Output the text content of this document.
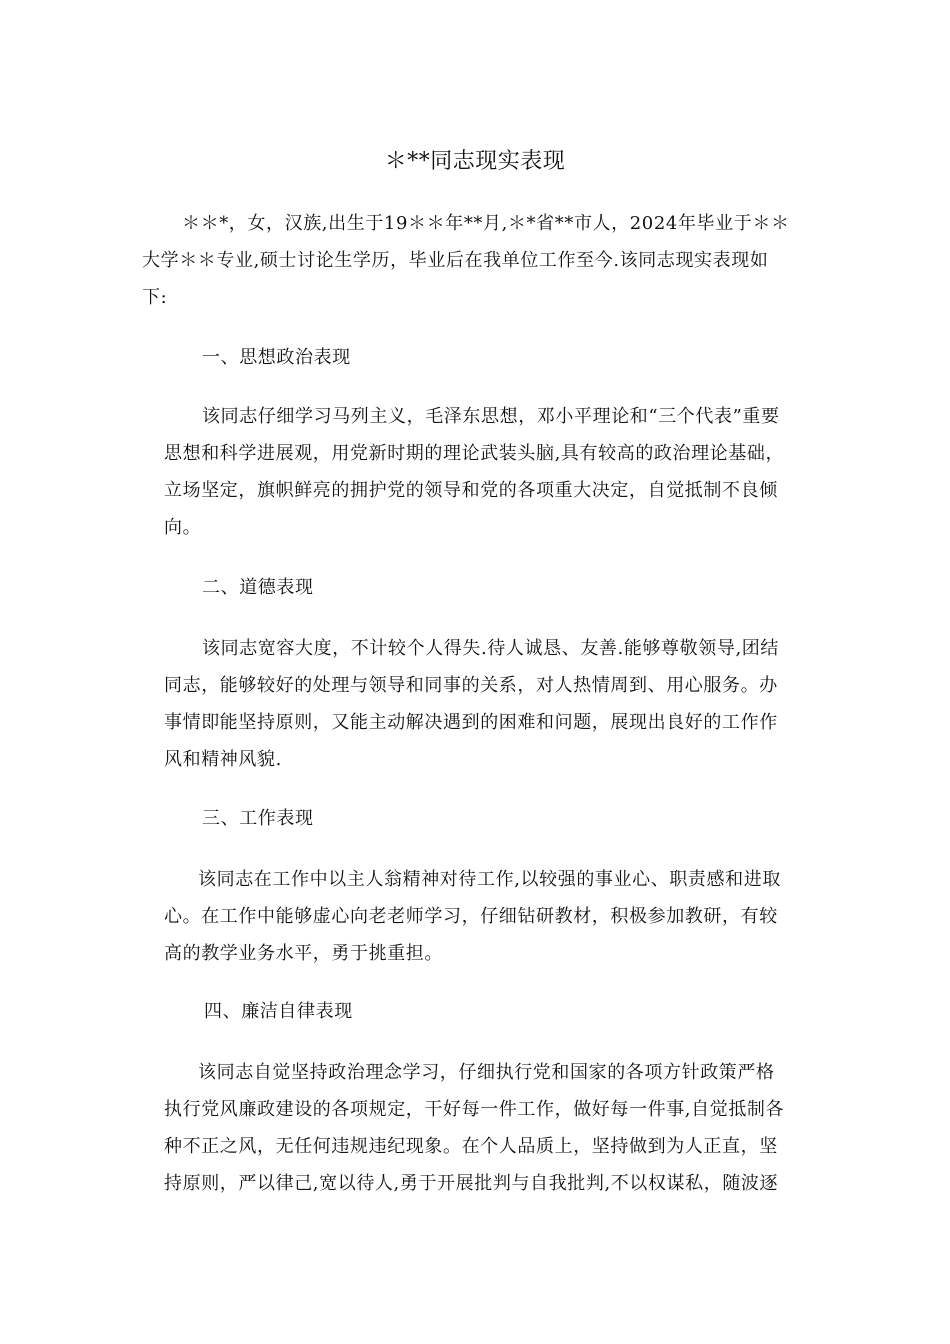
＊**同志现实表现
＊＊*，女，汉族,出生于19＊＊年**月,＊*省**市人，2024年毕业于＊＊
大学＊＊专业,硕士讨论生学历，毕业后在我单位工作至今.该同志现实表现如
下:
一、思想政治表现
该同志仔细学习马列主义，毛泽东思想，邓小平理论和“三个代表”重要
思想和科学进展观，用党新时期的理论武装头脑,具有较高的政治理论基础，
立场坚定，旗帜鲜亮的拥护党的领导和党的各项重大决定，自觉抵制不良倾
向。
二、道德表现
该同志宽容大度，不计较个人得失.待人诚恳、友善.能够尊敬领导,团结
同志，能够较好的处理与领导和同事的关系，对人热情周到、用心服务。办
事情即能坚持原则，又能主动解决遇到的困难和问题，展现出良好的工作作
风和精神风貌.
三、工作表现
该同志在工作中以主人翁精神对待工作,以较强的事业心、职责感和进取
心。在工作中能够虚心向老老师学习，仔细钻研教材，积极参加教研，有较
高的教学业务水平，勇于挑重担。
四、廉洁自律表现
该同志自觉坚持政治理念学习，仔细执行党和国家的各项方针政策严格
执行党风廉政建设的各项规定，干好每一件工作，做好每一件事,自觉抵制各
种不正之风，无任何违规违纪现象。在个人品质上，坚持做到为人正直，坚
持原则，严以律己,宽以待人,勇于开展批判与自我批判,不以权谋私，随波逐
